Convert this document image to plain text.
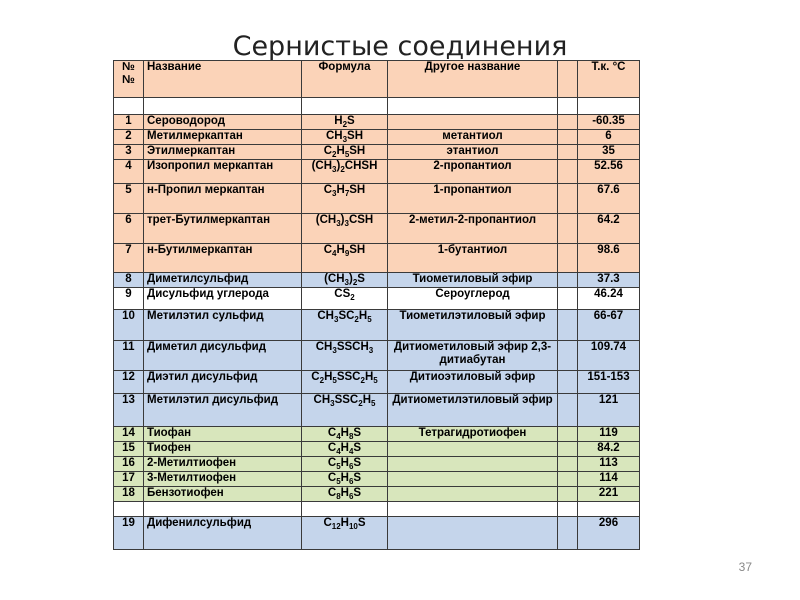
Сернистые соединения
№
№	Название	Формула	Другое название		Т.к. °С

1	Сероводород	$H_2S$			-60.35
2	Метилмеркаптан	$CH_3SH$	метантиол		6
3	Этилмеркаптан	$C_2H_5SH$	этантиол		35
4	Изопропил меркаптан	$(CH_3)_2CHSH$	2-пропантиол		52.56
5	н-Пропил меркаптан	$C_3H_7SH$	1-пропантиол		67.6
6	трет-Бутилмеркаптан	$(CH_3)_3CSH$	2-метил-2-пропантиол		64.2
7	н-Бутилмеркаптан	$C_4H_9SH$	1-бутантиол		98.6
8	Диметилсульфид	$(CH_3)_2S$	Тиометиловый эфир		37.3
9	Дисульфид углерода	$CS_2$	Сероуглерод		46.24
10	Метилэтил сульфид	$CH_3SC_2H_5$	Тиометилэтиловый эфир		66-67
11	Диметил дисульфид	$CH_3SSCH_3$	Дитиометиловый эфир 2,3-дитиабутан		109.74
12	Диэтил дисульфид	$C_2H_5SSC_2H_5$	Дитиоэтиловый эфир		151-153
13	Метилэтил дисульфид	$CH_3SSC_2H_5$	Дитиометилэтиловый эфир		121
14	Тиофан	$C_4H_8S$	Тетрагидротиофен		119
15	Тиофен	$C_4H_4S$			84.2
16	2-Метилтиофен	$C_5H_6S$			113
17	3-Метилтиофен	$C_5H_6S$			114
18	Бензотиофен	$C_8H_6S$			221

19	Дифенилсульфид	$C_{12}H_{10}S$			296
37
